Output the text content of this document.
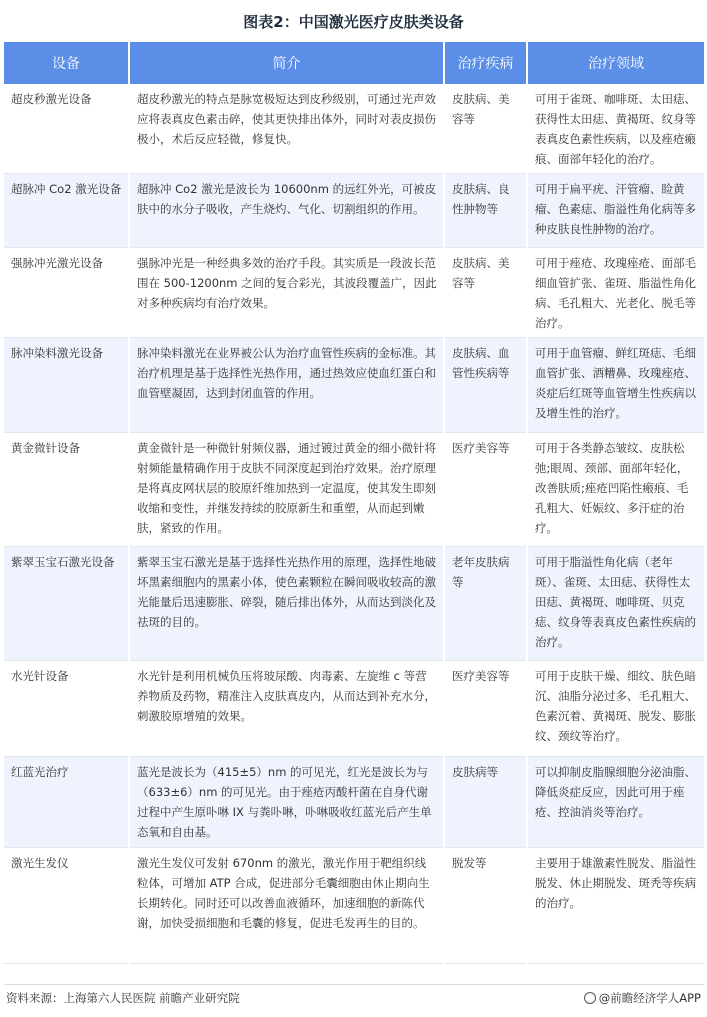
图表2：中国激光医疗皮肤类设备
设备	简介	治疗疾病	治疗领域
超皮秒激光设备	超皮秒激光的特点是脉宽极短达到皮秒级别，可通过光声效应将表真皮色素击碎，使其更快排出体外，同时对表皮损伤极小，术后反应轻微，修复快。	皮肤病、美容等	可用于雀斑、咖啡斑、太田痣、获得性太田痣、黄褐斑、纹身等表真皮色素性疾病，以及痤疮瘢痕、面部年轻化的治疗。
超脉冲 Co2 激光设备	超脉冲 Co2 激光是波长为 10600nm 的远红外光，可被皮肤中的水分子吸收，产生烧灼、气化、切割组织的作用。	皮肤病、良性肿物等	可用于扁平疣、汗管瘤、睑黄瘤、色素痣、脂溢性角化病等多种皮肤良性肿物的治疗。
强脉冲光激光设备	强脉冲光是一种经典多效的治疗手段。其实质是一段波长范围在 500-1200nm 之间的复合彩光，其波段覆盖广，因此对多种疾病均有治疗效果。	皮肤病、美容等	可用于痤疮、玫瑰痤疮、面部毛细血管扩张、雀斑、脂溢性角化病、毛孔粗大、光老化、脱毛等治疗。
脉冲染料激光设备	脉冲染料激光在业界被公认为治疗血管性疾病的金标准。其治疗机理是基于选择性光热作用，通过热效应使血红蛋白和血管壁凝固，达到封闭血管的作用。	皮肤病、血管性疾病等	可用于血管瘤、鲜红斑痣、毛细血管扩张、酒糟鼻、玫瑰痤疮、炎症后红斑等血管增生性疾病以及增生性的治疗。
黄金微针设备	黄金微针是一种微针射频仪器，通过镀过黄金的细小微针将射频能量精确作用于皮肤不同深度起到治疗效果。治疗原理是将真皮网状层的胶原纤维加热到一定温度，使其发生即刻收缩和变性，并继发持续的胶原新生和重塑，从而起到嫩肤，紧致的作用。	医疗美容等	可用于各类静态皱纹、皮肤松弛;眼周、颈部、面部年轻化，改善肤质;痤疮凹陷性瘢痕、毛孔粗大、妊娠纹、多汗症的治疗。
紫翠玉宝石激光设备	紫翠玉宝石激光是基于选择性光热作用的原理，选择性地破坏黑素细胞内的黑素小体，使色素颗粒在瞬间吸收较高的激光能量后迅速膨胀、碎裂，随后排出体外，从而达到淡化及祛斑的目的。	老年皮肤病等	可用于脂溢性角化病（老年斑）、雀斑、太田痣、获得性太田痣、黄褐斑、咖啡斑、贝克痣、纹身等表真皮色素性疾病的治疗。
水光针设备	水光针是利用机械负压将玻尿酸、肉毒素、左旋维 c 等营养物质及药物，精准注入皮肤真皮内，从而达到补充水分，刺激胶原增殖的效果。	医疗美容等	可用于皮肤干燥、细纹、肤色暗沉、油脂分泌过多、毛孔粗大、色素沉着、黄褐斑、脱发、膨胀纹、颈纹等治疗。
红蓝光治疗	蓝光是波长为（415±5）nm 的可见光，红光是波长为与（633±6）nm 的可见光。由于痤疮丙酸杆菌在自身代谢过程中产生原卟啉 IX 与粪卟啉，卟啉吸收红蓝光后产生单态氧和自由基。	皮肤病等	可以抑制皮脂腺细胞分泌油脂、降低炎症反应，因此可用于痤疮、控油消炎等治疗。
激光生发仪	激光生发仪可发射 670nm 的激光，激光作用于靶组织线粒体，可增加 ATP 合成，促进部分毛囊细胞由休止期向生长期转化。同时还可以改善血液循环，加速细胞的新陈代谢，加快受损细胞和毛囊的修复，促进毛发再生的目的。	脱发等	主要用于雄激素性脱发、脂溢性脱发、休止期脱发、斑秃等疾病的治疗。
资料来源：上海第六人民医院 前瞻产业研究院	@前瞻经济学人APP
